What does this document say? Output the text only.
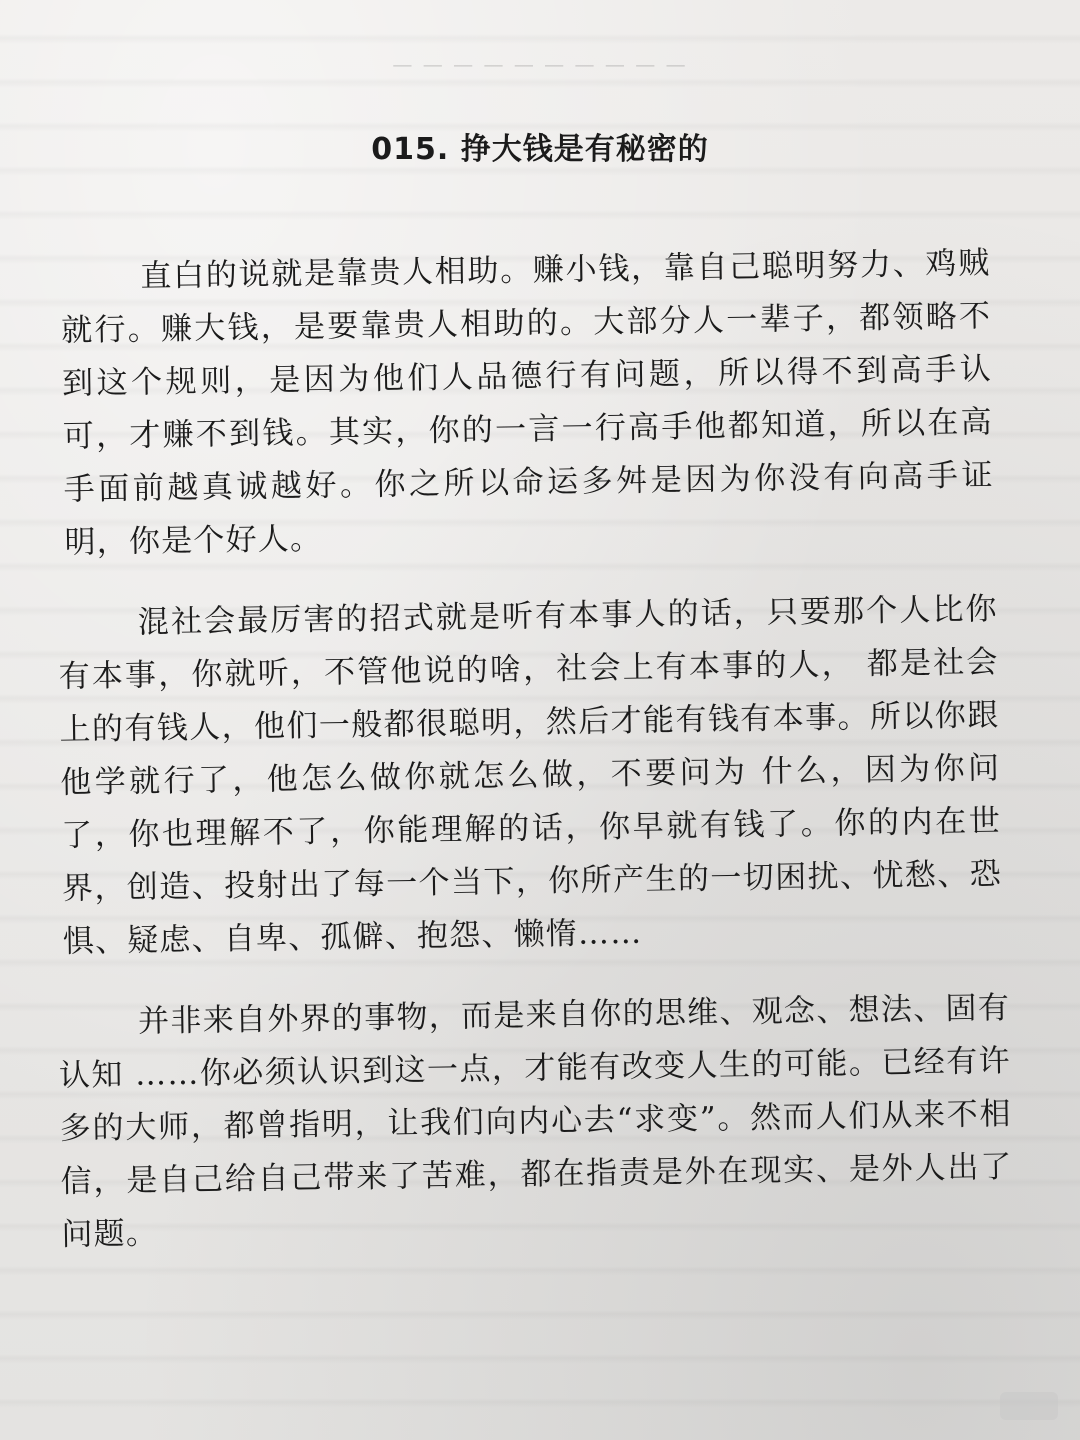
— — — — — — — — — —
015. 挣大钱是有秘密的

直白的说就是靠贵人相助。赚小钱，靠自己聪明努力、鸡贼就行。赚大钱，是要靠贵人相助的。大部分人一辈子，都领略不到这个规则，是因为他们人品德行有问题，所以得不到高手认可，才赚不到钱。其实，你的一言一行高手他都知道，所以在高手面前越真诚越好。你之所以命运多舛是因为你没有向高手证明，你是个好人。

混社会最厉害的招式就是听有本事人的话，只要那个人比你有本事，你就听，不管他说的啥，社会上有本事的人， 都是社会上的有钱人，他们一般都很聪明，然后才能有钱有本事。所以你跟他学就行了，他怎么做你就怎么做，不要问为 什么，因为你问了，你也理解不了，你能理解的话，你早就有钱了。你的内在世界，创造、投射出了每一个当下，你所产生的一切困扰、忧愁、恐惧、疑虑、自卑、孤僻、抱怨、懒惰……

并非来自外界的事物，而是来自你的思维、观念、想法、固有认知 ……你必须认识到这一点，才能有改变人生的可能。已经有许多的大师，都曾指明，让我们向内心去“求变”。然而人们从来不相信，是自己给自己带来了苦难，都在指责是外在现实、是外人出了问题。
